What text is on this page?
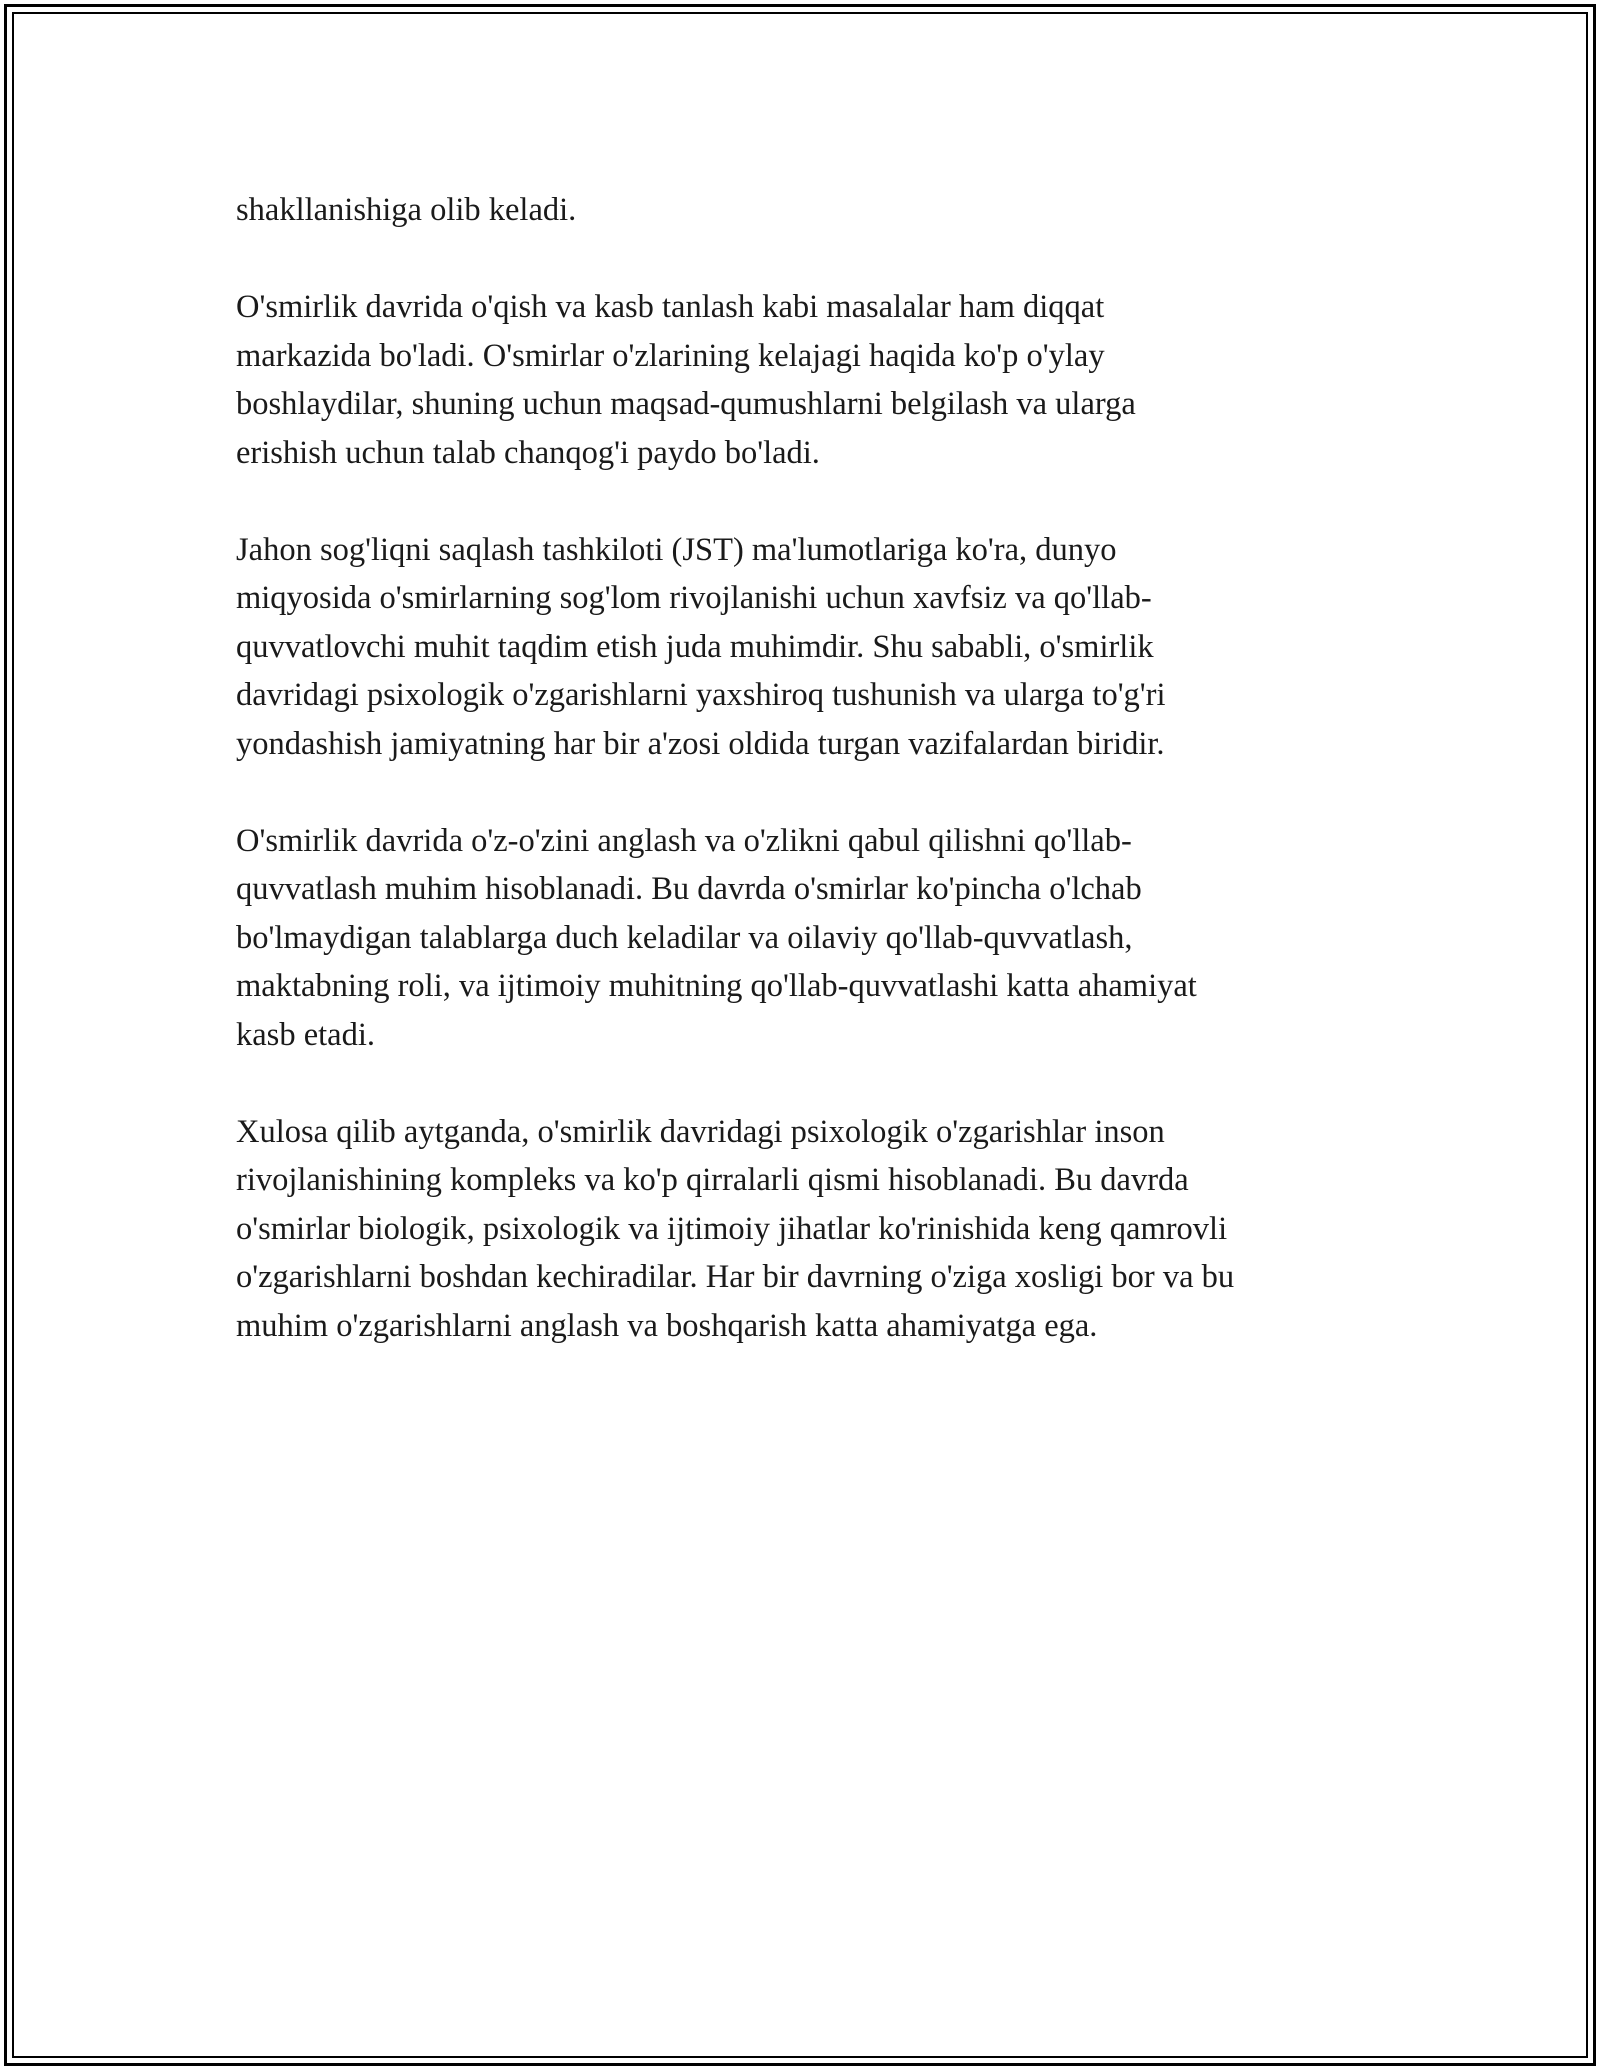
shakllanishiga olib keladi.

O'smirlik davrida o'qish va kasb tanlash kabi masalalar ham diqqat
markazida bo'ladi. O'smirlar o'zlarining kelajagi haqida ko'p o'ylay
boshlaydilar, shuning uchun maqsad-qumushlarni belgilash va ularga
erishish uchun talab chanqog'i paydo bo'ladi.

Jahon sog'liqni saqlash tashkiloti (JST) ma'lumotlariga ko'ra, dunyo
miqyosida o'smirlarning sog'lom rivojlanishi uchun xavfsiz va qo'llab-
quvvatlovchi muhit taqdim etish juda muhimdir. Shu sababli, o'smirlik
davridagi psixologik o'zgarishlarni yaxshiroq tushunish va ularga to'g'ri
yondashish jamiyatning har bir a'zosi oldida turgan vazifalardan biridir.

O'smirlik davrida o'z-o'zini anglash va o'zlikni qabul qilishni qo'llab-
quvvatlash muhim hisoblanadi. Bu davrda o'smirlar ko'pincha o'lchab
bo'lmaydigan talablarga duch keladilar va oilaviy qo'llab-quvvatlash,
maktabning roli, va ijtimoiy muhitning qo'llab-quvvatlashi katta ahamiyat
kasb etadi.

Xulosa qilib aytganda, o'smirlik davridagi psixologik o'zgarishlar inson
rivojlanishining kompleks va ko'p qirralarli qismi hisoblanadi. Bu davrda
o'smirlar biologik, psixologik va ijtimoiy jihatlar ko'rinishida keng qamrovli
o'zgarishlarni boshdan kechiradilar. Har bir davrning o'ziga xosligi bor va bu
muhim o'zgarishlarni anglash va boshqarish katta ahamiyatga ega.
